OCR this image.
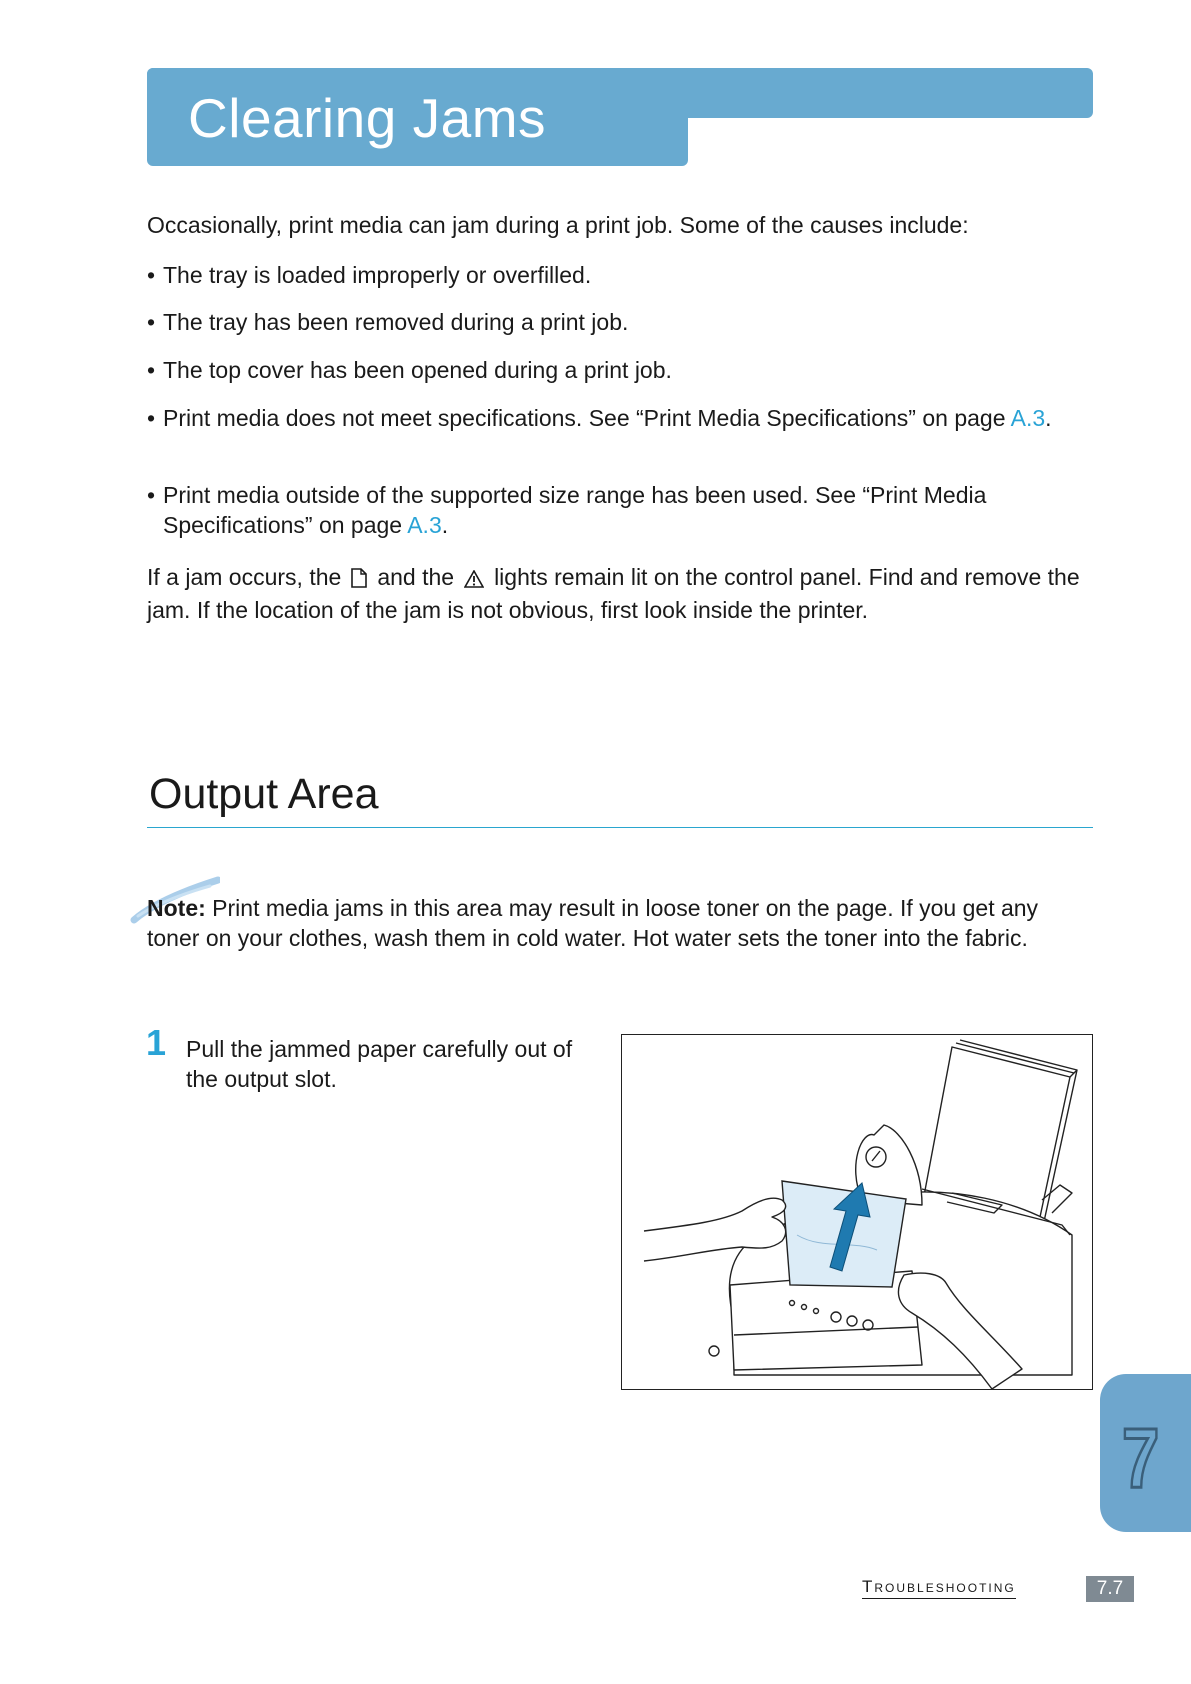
Clearing Jams
Occasionally, print media can jam during a print job. Some of the causes include:
• The tray is loaded improperly or overfilled.
• The tray has been removed during a print job.
• The top cover has been opened during a print job.
• Print media does not meet specifications. See “Print Media Specifications” on page A.3.
• Print media outside of the supported size range has been used. See “Print Media Specifications” on page A.3.
If a jam occurs, the and the lights remain lit on the control panel. Find and remove the jam. If the location of the jam is not obvious, first look inside the printer.
Output Area
Note: Print media jams in this area may result in loose toner on the page. If you get any toner on your clothes, wash them in cold water. Hot water sets the toner into the fabric.
1 Pull the jammed paper carefully out of the output slot.
7
Troubleshooting	7.7
